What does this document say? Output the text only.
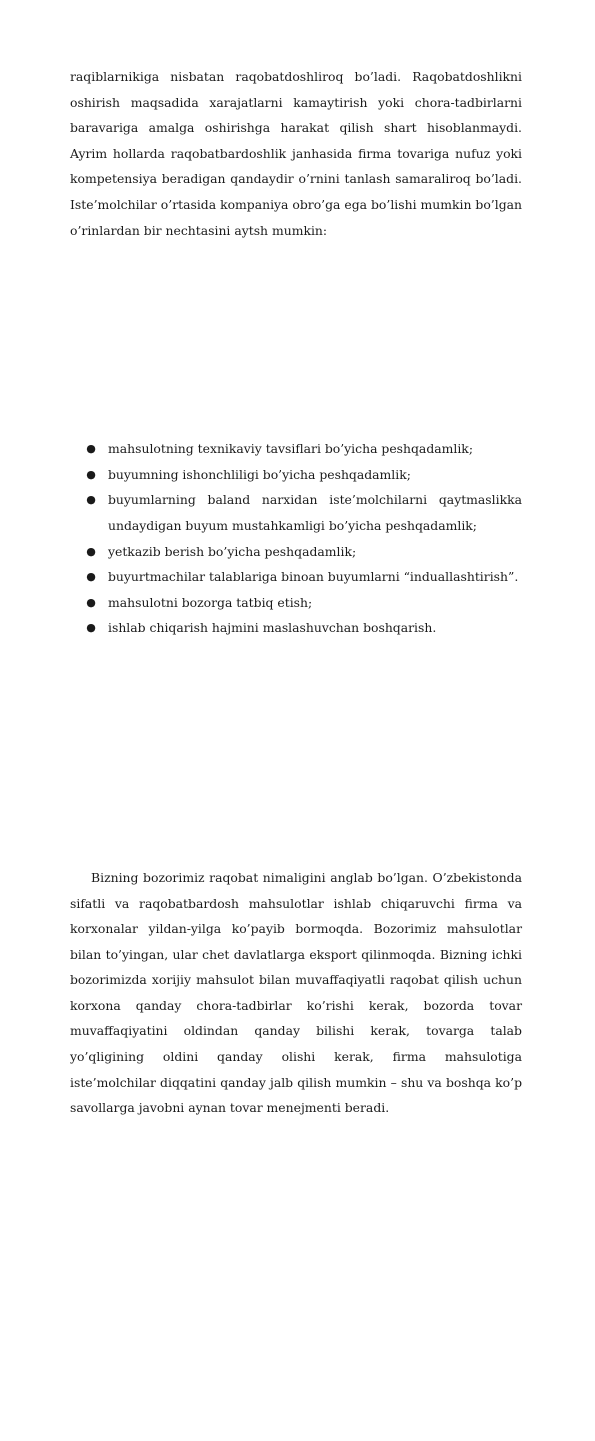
raqiblarnikiga nisbatan raqobatdoshliroq bo’ladi. Raqobatdoshlikni oshirish maqsadida xarajatlarni kamaytirish yoki chora-tadbirlarni baravariga amalga oshirishga harakat qilish shart hisoblanmaydi. Ayrim hollarda raqobatbardoshlik janhasida firma tovariga nufuz yoki kompetensiya beradigan qandaydir o’rnini tanlash samaraliroq bo’ladi. Iste’molchilar o’rtasida kompaniya obro’ga ega bo’lishi mumkin bo’lgan o’rinlardan bir nechtasini aytsh mumkin:

● mahsulotning texnikaviy tavsiflari bo’yicha peshqadamlik;
● buyumning ishonchliligi bo’yicha peshqadamlik;
● buyumlarning baland narxidan iste’molchilarni qaytmaslikka undaydigan buyum mustahkamligi bo’yicha peshqadamlik;
● yetkazib berish bo’yicha peshqadamlik;
● buyurtmachilar talablariga binoan buyumlarni “induallashtirish”.
● mahsulotni bozorga tatbiq etish;
● ishlab chiqarish hajmini maslashuvchan boshqarish.

Bizning bozorimiz raqobat nimaligini anglab bo’lgan. O’zbekistonda sifatli va raqobatbardosh mahsulotlar ishlab chiqaruvchi firma va korxonalar yildan-yilga ko’payib bormoqda. Bozorimiz mahsulotlar bilan to’yingan, ular chet davlatlarga eksport qilinmoqda. Bizning ichki bozorimizda xorijiy mahsulot bilan muvaffaqiyatli raqobat qilish uchun korxona qanday chora-tadbirlar ko’rishi kerak, bozorda tovar muvaffaqiyatini oldindan qanday bilishi kerak, tovarga talab yo’qligining oldini qanday olishi kerak, firma mahsulotiga iste’molchilar diqqatini qanday jalb qilish mumkin – shu va boshqa ko’p savollarga javobni aynan tovar menejmenti beradi.
